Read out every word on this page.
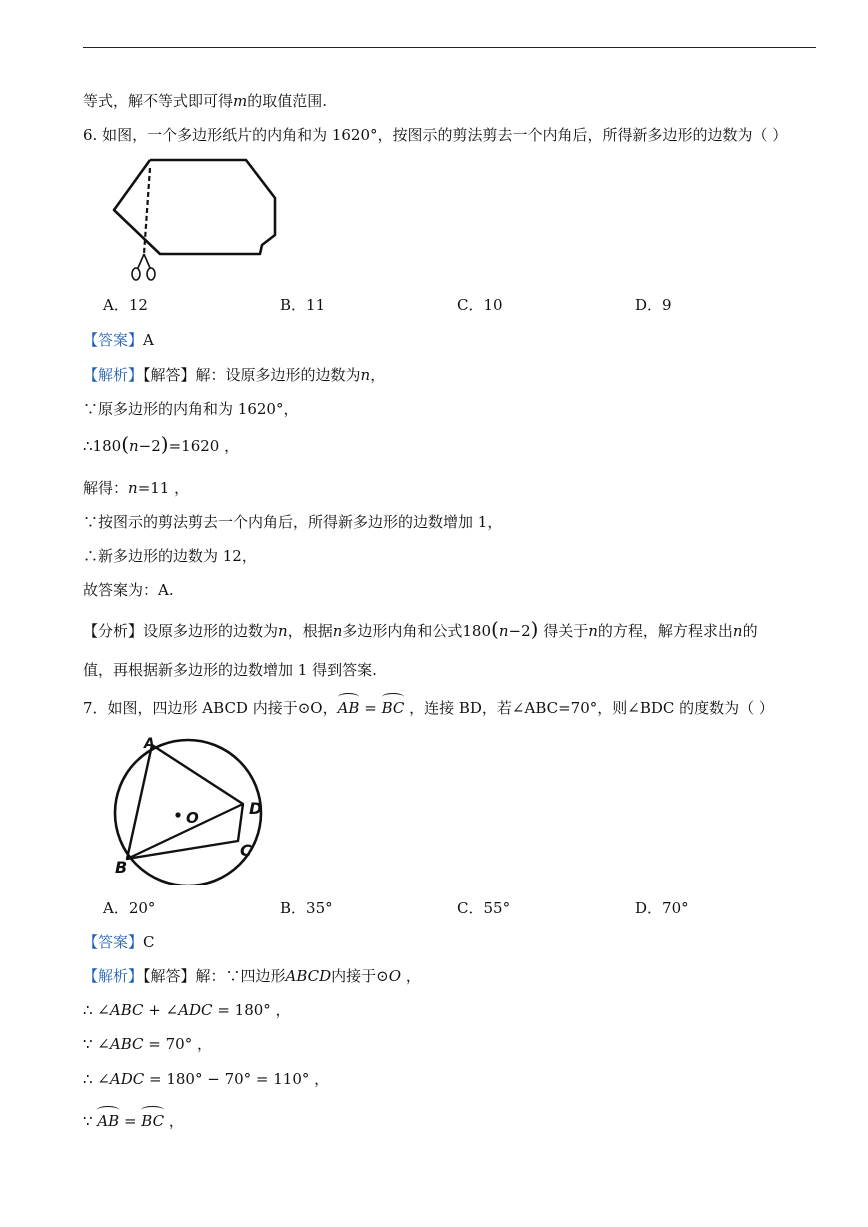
等式，解不等式即可得m的取值范围.
6. 如图，一个多边形纸片的内角和为 1620°，按图示的剪法剪去一个内角后，所得新多边形的边数为（ ）
A．12	B．11	C．10	D．9
【答案】A
【解析】【解答】解：设原多边形的边数为n，
∵原多边形的内角和为 1620°，
∴180(n−2)=1620 ，
解得：n=11 ，
∵按图示的剪法剪去一个内角后，所得新多边形的边数增加 1，
∴新多边形的边数为 12，
故答案为：A.
【分析】设原多边形的边数为n，根据n多边形内角和公式180(n−2) 得关于n的方程，解方程求出n的
值，再根据新多边形的边数增加 1 得到答案.
7．如图，四边形 ABCD 内接于⊙O，AB = BC ，连接 BD，若∠ABC=70°，则∠BDC 的度数为（ ）
O
A
B
C
D
A．20°	B．35°	C．55°	D．70°
【答案】C
【解析】【解答】解：∵四边形ABCD内接于⊙O ，
∴ ∠ABC + ∠ADC = 180° ，
∵ ∠ABC = 70° ，
∴ ∠ADC = 180° − 70° = 110° ，
∵ AB = BC ，
